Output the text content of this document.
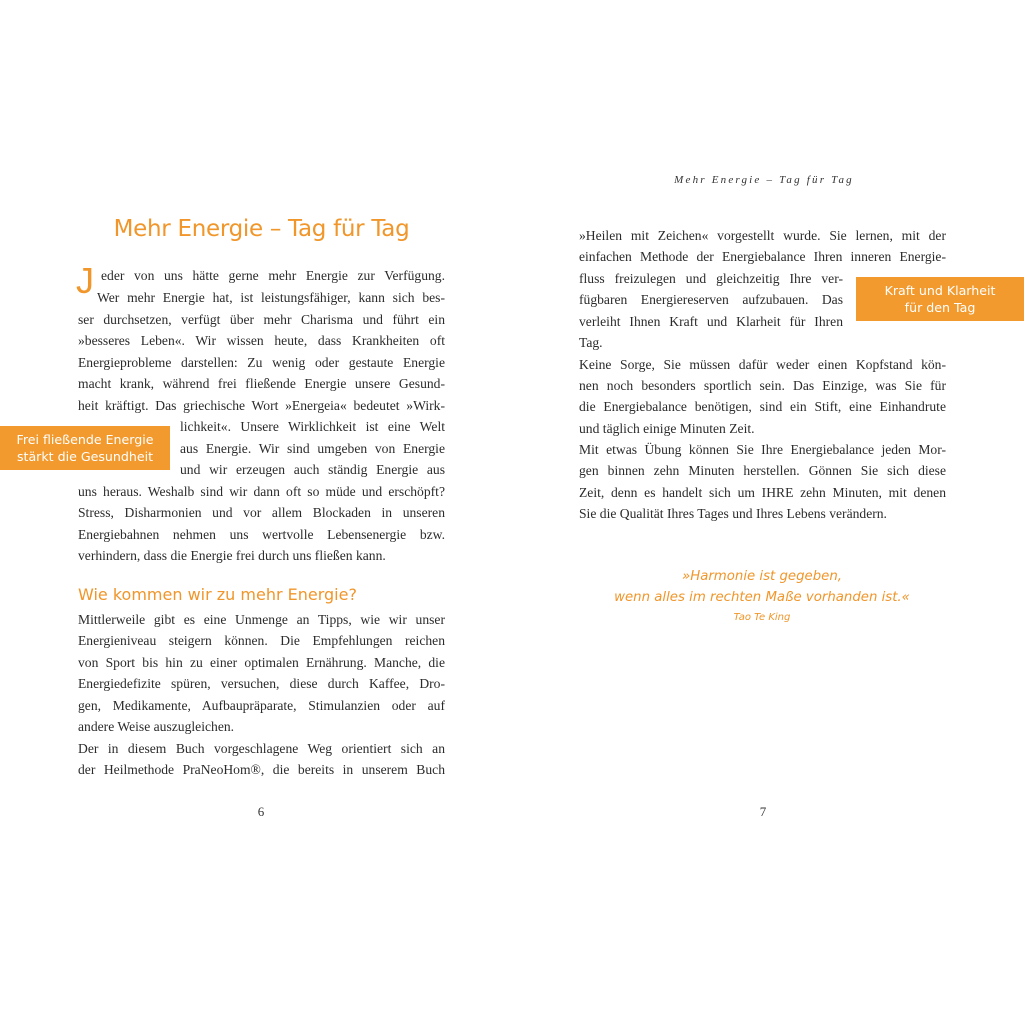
Mehr Energie – Tag für Tag
J eder von uns hätte gerne mehr Energie zur Verfügung.

Wer mehr Energie hat, ist leistungsfähiger, kann sich bes-

ser durchsetzen, verfügt über mehr Charisma und führt ein

»besseres Leben«. Wir wissen heute, dass Krankheiten oft

Energieprobleme darstellen: Zu wenig oder gestaute Energie

macht krank, während frei fließende Energie unsere Gesund-

heit kräftigt. Das griechische Wort »Energeia« bedeutet »Wirk-

lichkeit«. Unsere Wirklichkeit ist eine Welt

aus Energie. Wir sind umgeben von Energie

und wir erzeugen auch ständig Energie aus

uns heraus. Weshalb sind wir dann oft so müde und erschöpft?

Stress, Disharmonien und vor allem Blockaden in unseren

Energiebahnen nehmen uns wertvolle Lebensenergie bzw.

verhindern, dass die Energie frei durch uns fließen kann.

Frei fließende Energie
stärkt die Gesundheit
Wie kommen wir zu mehr Energie?

Mittlerweile gibt es eine Unmenge an Tipps, wie wir unser

Energieniveau steigern können. Die Empfehlungen reichen

von Sport bis hin zu einer optimalen Ernährung. Manche, die

Energiedefizite spüren, versuchen, diese durch Kaffee, Dro-

gen, Medikamente, Aufbaupräparate, Stimulanzien oder auf

andere Weise auszugleichen.

Der in diesem Buch vorgeschlagene Weg orientiert sich an

der Heilmethode PraNeoHom®, die bereits in unserem Buch

6
Mehr Energie – Tag für Tag

»Heilen mit Zeichen« vorgestellt wurde. Sie lernen, mit der

einfachen Methode der Energiebalance Ihren inneren Energie-

fluss freizulegen und gleichzeitig Ihre ver-

fügbaren Energiereserven aufzubauen. Das

verleiht Ihnen Kraft und Klarheit für Ihren

Tag.

Keine Sorge, Sie müssen dafür weder einen Kopfstand kön-

nen noch besonders sportlich sein. Das Einzige, was Sie für

die Energiebalance benötigen, sind ein Stift, eine Einhandrute

und täglich einige Minuten Zeit.

Mit etwas Übung können Sie Ihre Energiebalance jeden Mor-

gen binnen zehn Minuten herstellen. Gönnen Sie sich diese

Zeit, denn es handelt sich um IHRE zehn Minuten, mit denen

Sie die Qualität Ihres Tages und Ihres Lebens verändern.

Kraft und Klarheit
für den Tag

»Harmonie ist gegeben,

wenn alles im rechten Maße vorhanden ist.«

Tao Te King

7
